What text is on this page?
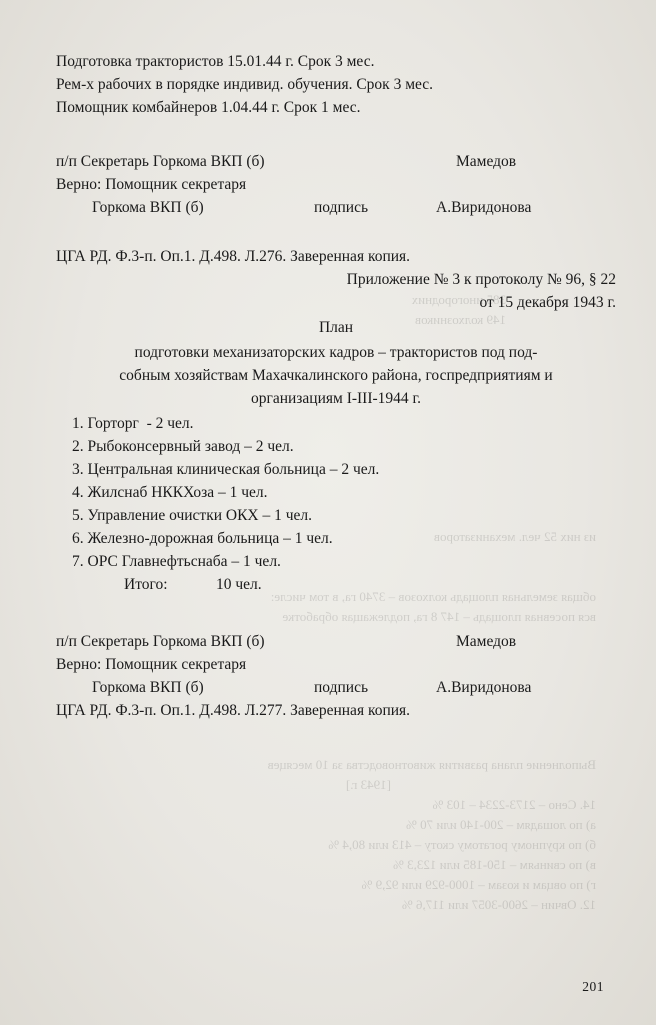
Выполнение плана развития животноводства за 10 месяцев
[1943 г.]
14. Сено – 2173-2234 – 103 %
а) по лошадям – 200-140 или 70 %
б) по крупному рогатому скоту – 413 или 80,4 %
в) по свиньям – 150-185 или 123,3 %
г) по овцам и козам – 1000-929 или 92,9 %
12. Овчин – 2600-3057 или 117,6 %
общая земельная площадь колхозов – 3740 га, в том числе:
вся посевная площадь – 147 8 га, подлежащая обработке
из них 52 чел. механизаторов
385 иногородних
149 колхозников
Подготовка трактористов 15.01.44 г. Срок 3 мес.
Рем-х рабочих в порядке индивид. обучения. Срок 3 мес.
Помощник комбайнеров 1.04.44 г. Срок 1 мес.
п/п Секретарь Горкома ВКП (б)	Мамедов
Верно: Помощник секретаря
Горкома ВКП (б)	подпись	А.Виридонова
ЦГА РД. Ф.3-п. Оп.1. Д.498. Л.276. Заверенная копия.
Приложение № 3 к протоколу № 96, § 22
от 15 декабря 1943 г.
План
подготовки механизаторских кадров – трактористов под под-
собным хозяйствам Махачкалинского района, госпредприятиям и
организациям I-III-1944 г.
1. Горторг  - 2 чел.
2. Рыбоконсервный завод – 2 чел.
3. Центральная клиническая больница – 2 чел.
4. Жилснаб НККХоза – 1 чел.
5. Управление очистки ОКХ – 1 чел.
6. Железно-дорожная больница – 1 чел.
7. ОРС Главнефтьснаба – 1 чел.
Итого:	10 чел.
п/п Секретарь Горкома ВКП (б)	Мамедов
Верно: Помощник секретаря
Горкома ВКП (б)	подпись	А.Виридонова
ЦГА РД. Ф.3-п. Оп.1. Д.498. Л.277. Заверенная копия.
201
